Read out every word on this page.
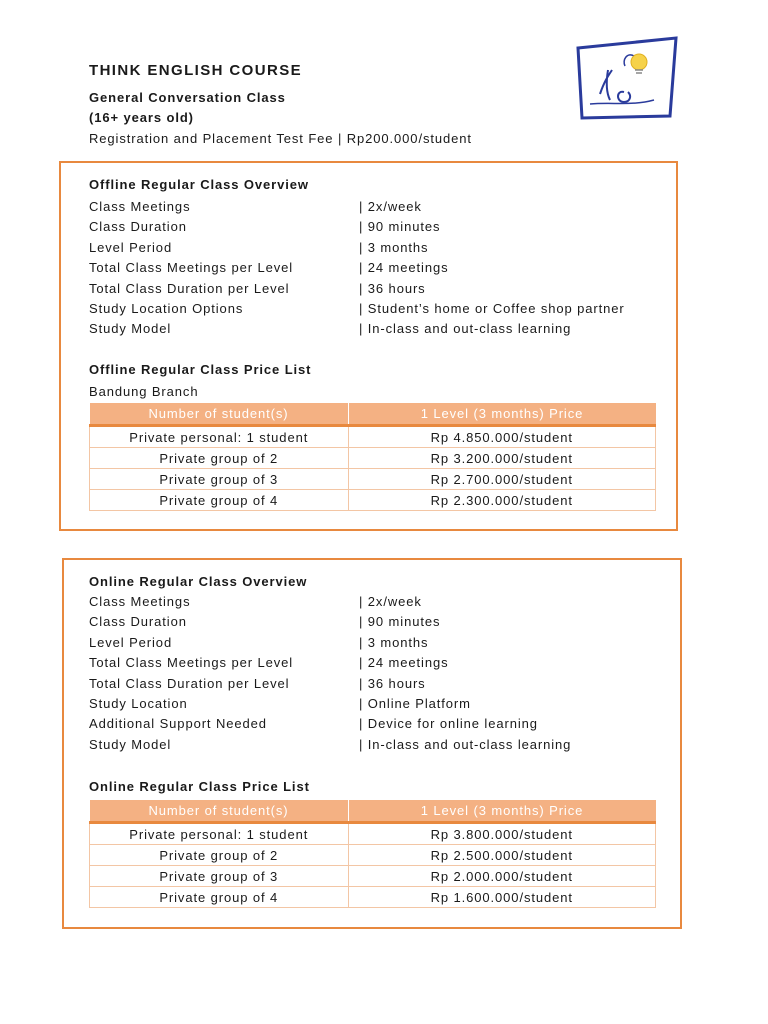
THINK ENGLISH COURSE
General Conversation Class
(16+ years old)
Registration and Placement Test Fee | Rp200.000/student
Offline Regular Class Overview
Class Meetings	| 2x/week
Class Duration	| 90 minutes
Level Period	| 3 months
Total Class Meetings per Level	| 24 meetings
Total Class Duration per Level	| 36 hours
Study Location Options	| Student’s home or Coffee shop partner
Study Model	| In-class and out-class learning
Offline Regular Class Price List
Bandung Branch
Number of student(s)	1 Level (3 months) Price
Private personal: 1 student	Rp 4.850.000/student
Private group of 2	Rp 3.200.000/student
Private group of 3	Rp 2.700.000/student
Private group of 4	Rp 2.300.000/student
Online Regular Class Overview
Class Meetings	| 2x/week
Class Duration	| 90 minutes
Level Period	| 3 months
Total Class Meetings per Level	| 24 meetings
Total Class Duration per Level	| 36 hours
Study Location	| Online Platform
Additional Support Needed	| Device for online learning
Study Model	| In-class and out-class learning
Online Regular Class Price List
Number of student(s)	1 Level (3 months) Price
Private personal: 1 student	Rp 3.800.000/student
Private group of 2	Rp 2.500.000/student
Private group of 3	Rp 2.000.000/student
Private group of 4	Rp 1.600.000/student
